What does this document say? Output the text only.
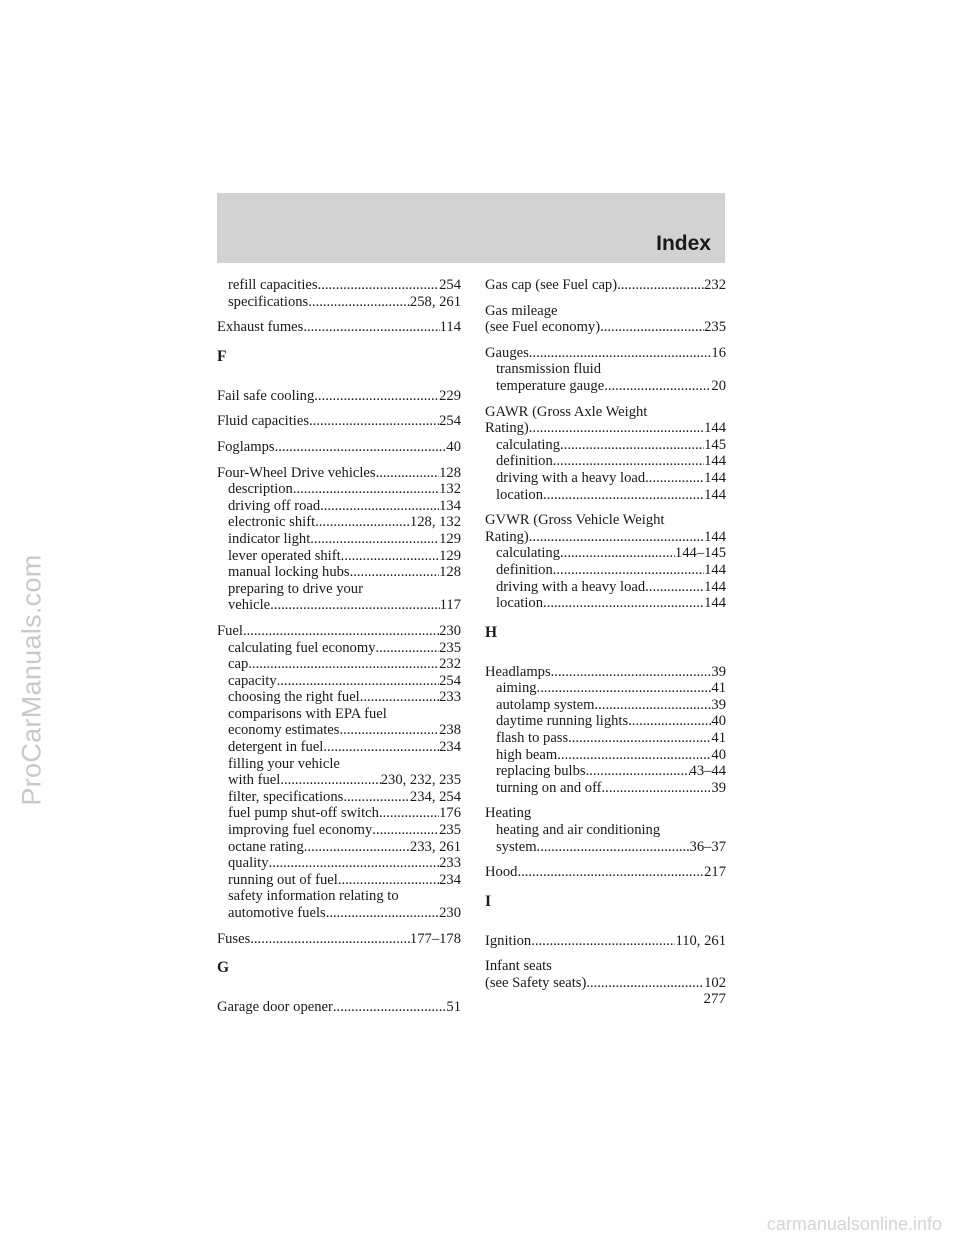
Index
refill capacities .....	254
specifications .....	258, 261
Exhaust fumes .....	114
F
Fail safe cooling .....	229
Fluid capacities .....	254
Foglamps .....	40
Four-Wheel Drive vehicles .....	128
description .....	132
driving off road .....	134
electronic shift .....	128, 132
indicator light .....	129
lever operated shift .....	129
manual locking hubs .....	128
preparing to drive your
vehicle .....	117
Fuel .....	230
calculating fuel economy .....	235
cap .....	232
capacity .....	254
choosing the right fuel .....	233
comparisons with EPA fuel
economy estimates .....	238
detergent in fuel .....	234
filling your vehicle
with fuel .....	230, 232, 235
filter, specifications .....	234, 254
fuel pump shut-off switch .....	176
improving fuel economy .....	235
octane rating .....	233, 261
quality .....	233
running out of fuel .....	234
safety information relating to
automotive fuels .....	230
Fuses .....	177–178
G
Garage door opener .....	51
Gas cap (see Fuel cap) .....	232
Gas mileage
(see Fuel economy) .....	235
Gauges .....	16
transmission fluid
temperature gauge .....	20
GAWR (Gross Axle Weight
Rating) .....	144
calculating .....	145
definition .....	144
driving with a heavy load .....	144
location .....	144
GVWR (Gross Vehicle Weight
Rating) .....	144
calculating .....	144–145
definition .....	144
driving with a heavy load .....	144
location .....	144
H
Headlamps .....	39
aiming .....	41
autolamp system .....	39
daytime running lights .....	40
flash to pass .....	41
high beam .....	40
replacing bulbs .....	43–44
turning on and off .....	39
Heating
heating and air conditioning
system .....	36–37
Hood .....	217
I
Ignition .....	110, 261
Infant seats
(see Safety seats) .....	102
277
ProCarManuals.com
carmanualsonline.info
